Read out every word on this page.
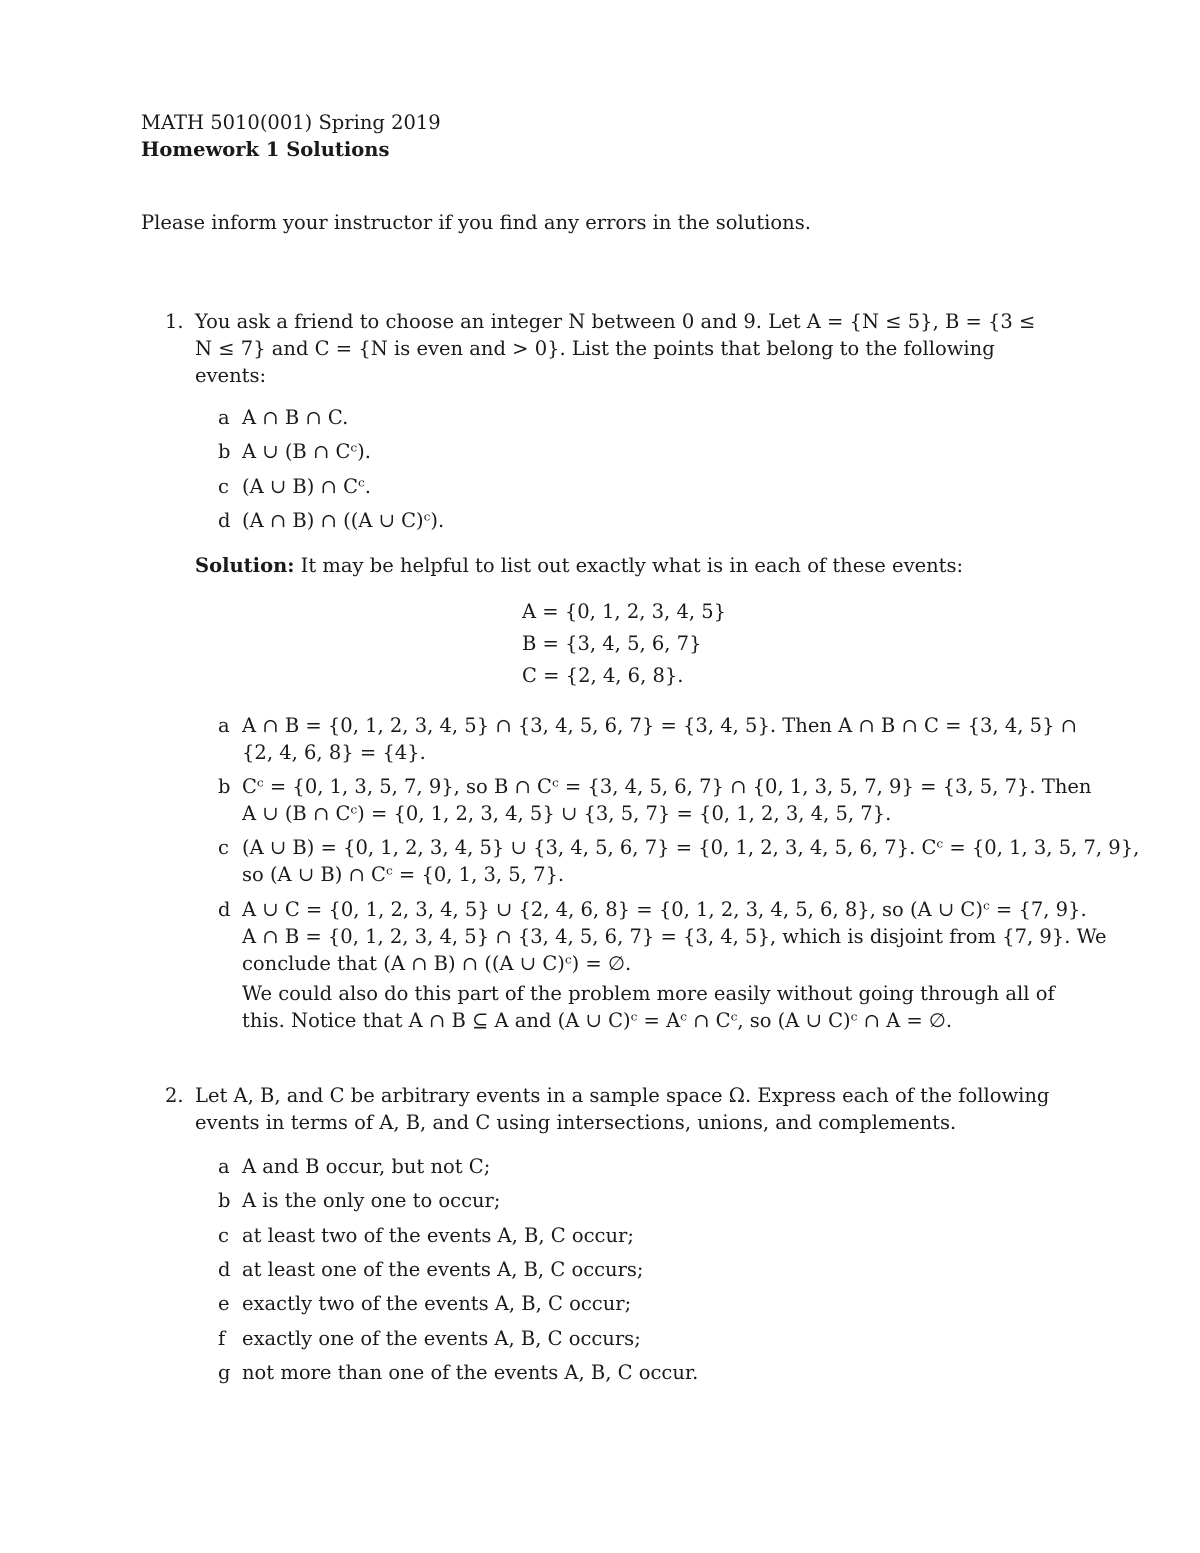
MATH 5010(001) Spring 2019
Homework 1 Solutions
Please inform your instructor if you find any errors in the solutions.
1. You ask a friend to choose an integer N between 0 and 9. Let A = {N ≤ 5}, B = {3 ≤
N ≤ 7} and C = {N is even and > 0}. List the points that belong to the following
events:
a A ∩ B ∩ C.
b A ∪ (B ∩ Cᶜ).
c (A ∪ B) ∩ Cᶜ.
d (A ∩ B) ∩ ((A ∪ C)ᶜ).
Solution: It may be helpful to list out exactly what is in each of these events:
A = {0, 1, 2, 3, 4, 5}
B = {3, 4, 5, 6, 7}
C = {2, 4, 6, 8}.
a A ∩ B = {0, 1, 2, 3, 4, 5} ∩ {3, 4, 5, 6, 7} = {3, 4, 5}. Then A ∩ B ∩ C = {3, 4, 5} ∩
{2, 4, 6, 8} = {4}.
b Cᶜ = {0, 1, 3, 5, 7, 9}, so B ∩ Cᶜ = {3, 4, 5, 6, 7} ∩ {0, 1, 3, 5, 7, 9} = {3, 5, 7}. Then
A ∪ (B ∩ Cᶜ) = {0, 1, 2, 3, 4, 5} ∪ {3, 5, 7} = {0, 1, 2, 3, 4, 5, 7}.
c (A ∪ B) = {0, 1, 2, 3, 4, 5} ∪ {3, 4, 5, 6, 7} = {0, 1, 2, 3, 4, 5, 6, 7}. Cᶜ = {0, 1, 3, 5, 7, 9},
so (A ∪ B) ∩ Cᶜ = {0, 1, 3, 5, 7}.
d A ∪ C = {0, 1, 2, 3, 4, 5} ∪ {2, 4, 6, 8} = {0, 1, 2, 3, 4, 5, 6, 8}, so (A ∪ C)ᶜ = {7, 9}.
A ∩ B = {0, 1, 2, 3, 4, 5} ∩ {3, 4, 5, 6, 7} = {3, 4, 5}, which is disjoint from {7, 9}. We
conclude that (A ∩ B) ∩ ((A ∪ C)ᶜ) = ∅.
We could also do this part of the problem more easily without going through all of
this. Notice that A ∩ B ⊆ A and (A ∪ C)ᶜ = Aᶜ ∩ Cᶜ, so (A ∪ C)ᶜ ∩ A = ∅.
2. Let A, B, and C be arbitrary events in a sample space Ω. Express each of the following
events in terms of A, B, and C using intersections, unions, and complements.
a A and B occur, but not C;
b A is the only one to occur;
c at least two of the events A, B, C occur;
d at least one of the events A, B, C occurs;
e exactly two of the events A, B, C occur;
f exactly one of the events A, B, C occurs;
g not more than one of the events A, B, C occur.
